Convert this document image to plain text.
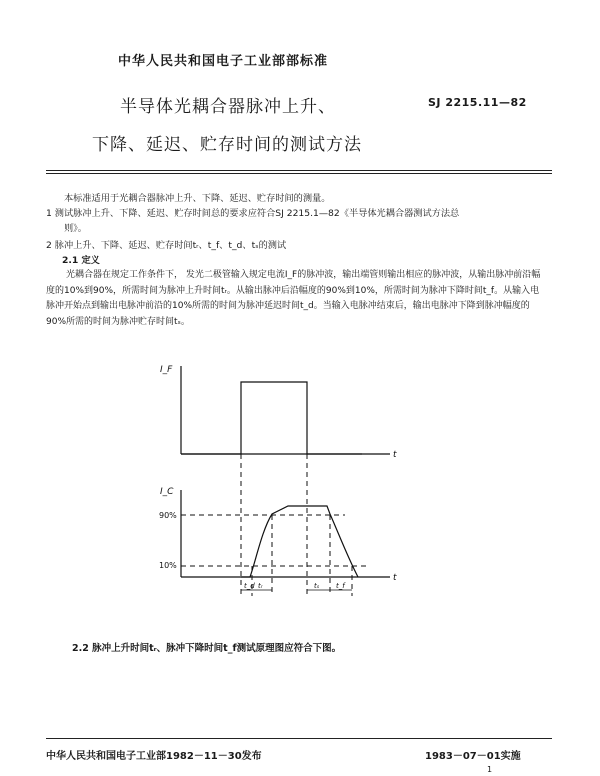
中华人民共和国电子工业部部标准
半导体光耦合器脉冲上升、
下降、延迟、贮存时间的测试方法
SJ 2215.11—82
本标准适用于光耦合器脉冲上升、下降、延迟、贮存时间的测量。
1 测试脉冲上升、下降、延迟、贮存时间总的要求应符合SJ 2215.1—82《半导体光耦合器测试方法总
则》。
2 脉冲上升、下降、延迟、贮存时间tᵣ、t_f、t_d、tₛ的测试
2.1 定义
光耦合器在规定工作条件下， 发光二极管输入规定电流I_F的脉冲波，输出端管则输出相应的脉冲波，从输出脉冲前沿幅度的10%到90%，所需时间为脉冲上升时间tᵣ。从输出脉冲后沿幅度的90%到10%，所需时间为脉冲下降时间t_f。从输入电脉冲开始点到输出电脉冲前沿的10%所需的时间为脉冲延迟时间t_d。当输入电脉冲结束后，输出电脉冲下降到脉冲幅度的90%所需的时间为脉冲贮存时间tₛ。
I_F
t
I_C
t
t_d tᵣ	tₛ t_f
90%
10%
2.2 脉冲上升时间tᵣ、脉冲下降时间t_f测试原理图应符合下图。
中华人民共和国电子工业部1982－11－30发布	1983－07－01实施
1
